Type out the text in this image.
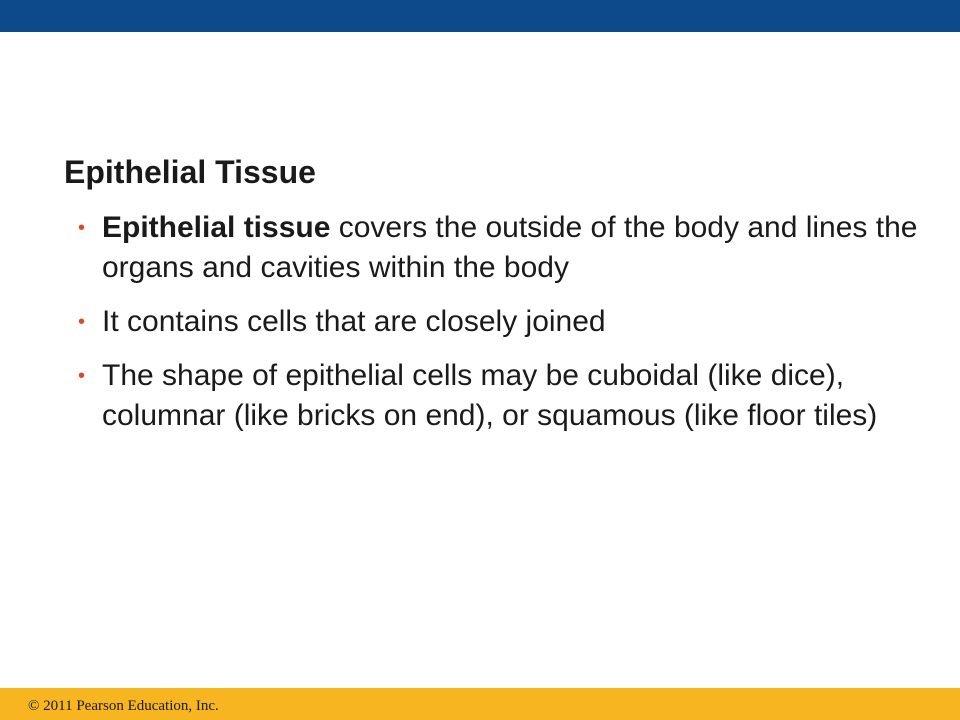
Epithelial Tissue
• Epithelial tissue covers the outside of the body and lines the organs and cavities within the body
• It contains cells that are closely joined
• The shape of epithelial cells may be cuboidal (like dice), columnar (like bricks on end), or squamous (like floor tiles)
© 2011 Pearson Education, Inc.
